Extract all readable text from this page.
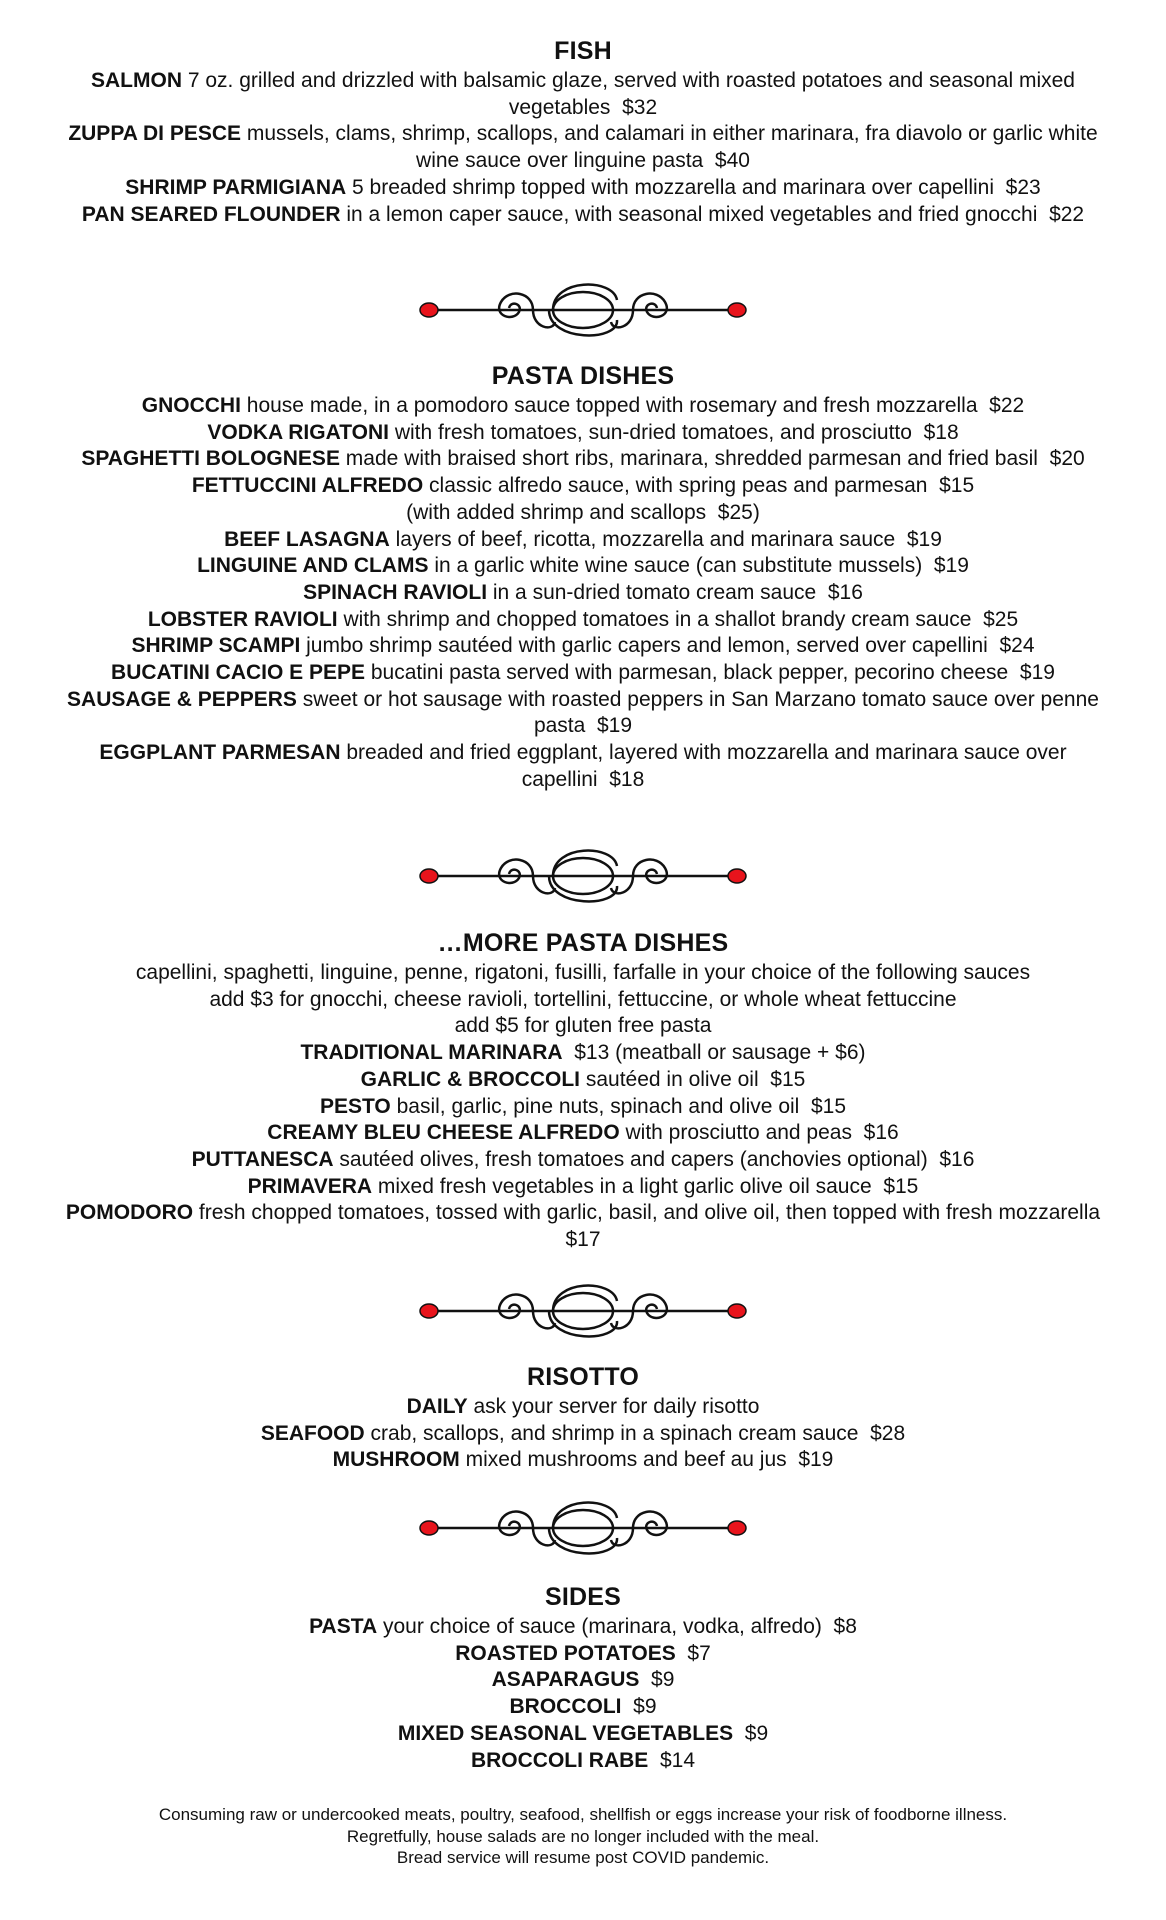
FISH
SALMON 7 oz. grilled and drizzled with balsamic glaze, served with roasted potatoes and seasonal mixed vegetables  $32
ZUPPA DI PESCE mussels, clams, shrimp, scallops, and calamari in either marinara, fra diavolo or garlic white wine sauce over linguine pasta  $40
SHRIMP PARMIGIANA 5 breaded shrimp topped with mozzarella and marinara over capellini  $23
PAN SEARED FLOUNDER in a lemon caper sauce, with seasonal mixed vegetables and fried gnocchi  $22
PASTA DISHES
GNOCCHI house made, in a pomodoro sauce topped with rosemary and fresh mozzarella  $22
VODKA RIGATONI with fresh tomatoes, sun-dried tomatoes, and prosciutto  $18
SPAGHETTI BOLOGNESE made with braised short ribs, marinara, shredded parmesan and fried basil  $20
FETTUCCINI ALFREDO classic alfredo sauce, with spring peas and parmesan  $15
(with added shrimp and scallops  $25)
BEEF LASAGNA layers of beef, ricotta, mozzarella and marinara sauce  $19
LINGUINE AND CLAMS in a garlic white wine sauce (can substitute mussels)  $19
SPINACH RAVIOLI in a sun-dried tomato cream sauce  $16
LOBSTER RAVIOLI with shrimp and chopped tomatoes in a shallot brandy cream sauce  $25
SHRIMP SCAMPI jumbo shrimp sautéed with garlic capers and lemon, served over capellini  $24
BUCATINI CACIO E PEPE bucatini pasta served with parmesan, black pepper, pecorino cheese  $19
SAUSAGE & PEPPERS sweet or hot sausage with roasted peppers in San Marzano tomato sauce over penne pasta  $19
EGGPLANT PARMESAN breaded and fried eggplant, layered with mozzarella and marinara sauce over capellini  $18
…MORE PASTA DISHES
capellini, spaghetti, linguine, penne, rigatoni, fusilli, farfalle in your choice of the following sauces
add $3 for gnocchi, cheese ravioli, tortellini, fettuccine, or whole wheat fettuccine
add $5 for gluten free pasta
TRADITIONAL MARINARA  $13 (meatball or sausage + $6)
GARLIC & BROCCOLI sautéed in olive oil  $15
PESTO basil, garlic, pine nuts, spinach and olive oil  $15
CREAMY BLEU CHEESE ALFREDO with prosciutto and peas  $16
PUTTANESCA sautéed olives, fresh tomatoes and capers (anchovies optional)  $16
PRIMAVERA mixed fresh vegetables in a light garlic olive oil sauce  $15
POMODORO fresh chopped tomatoes, tossed with garlic, basil, and olive oil, then topped with fresh mozzarella  $17
RISOTTO
DAILY ask your server for daily risotto
SEAFOOD crab, scallops, and shrimp in a spinach cream sauce  $28
MUSHROOM mixed mushrooms and beef au jus  $19
SIDES
PASTA your choice of sauce (marinara, vodka, alfredo)  $8
ROASTED POTATOES  $7
ASAPARAGUS  $9
BROCCOLI  $9
MIXED SEASONAL VEGETABLES  $9
BROCCOLI RABE  $14
Consuming raw or undercooked meats, poultry, seafood, shellfish or eggs increase your risk of foodborne illness.
Regretfully, house salads are no longer included with the meal.
Bread service will resume post COVID pandemic.
